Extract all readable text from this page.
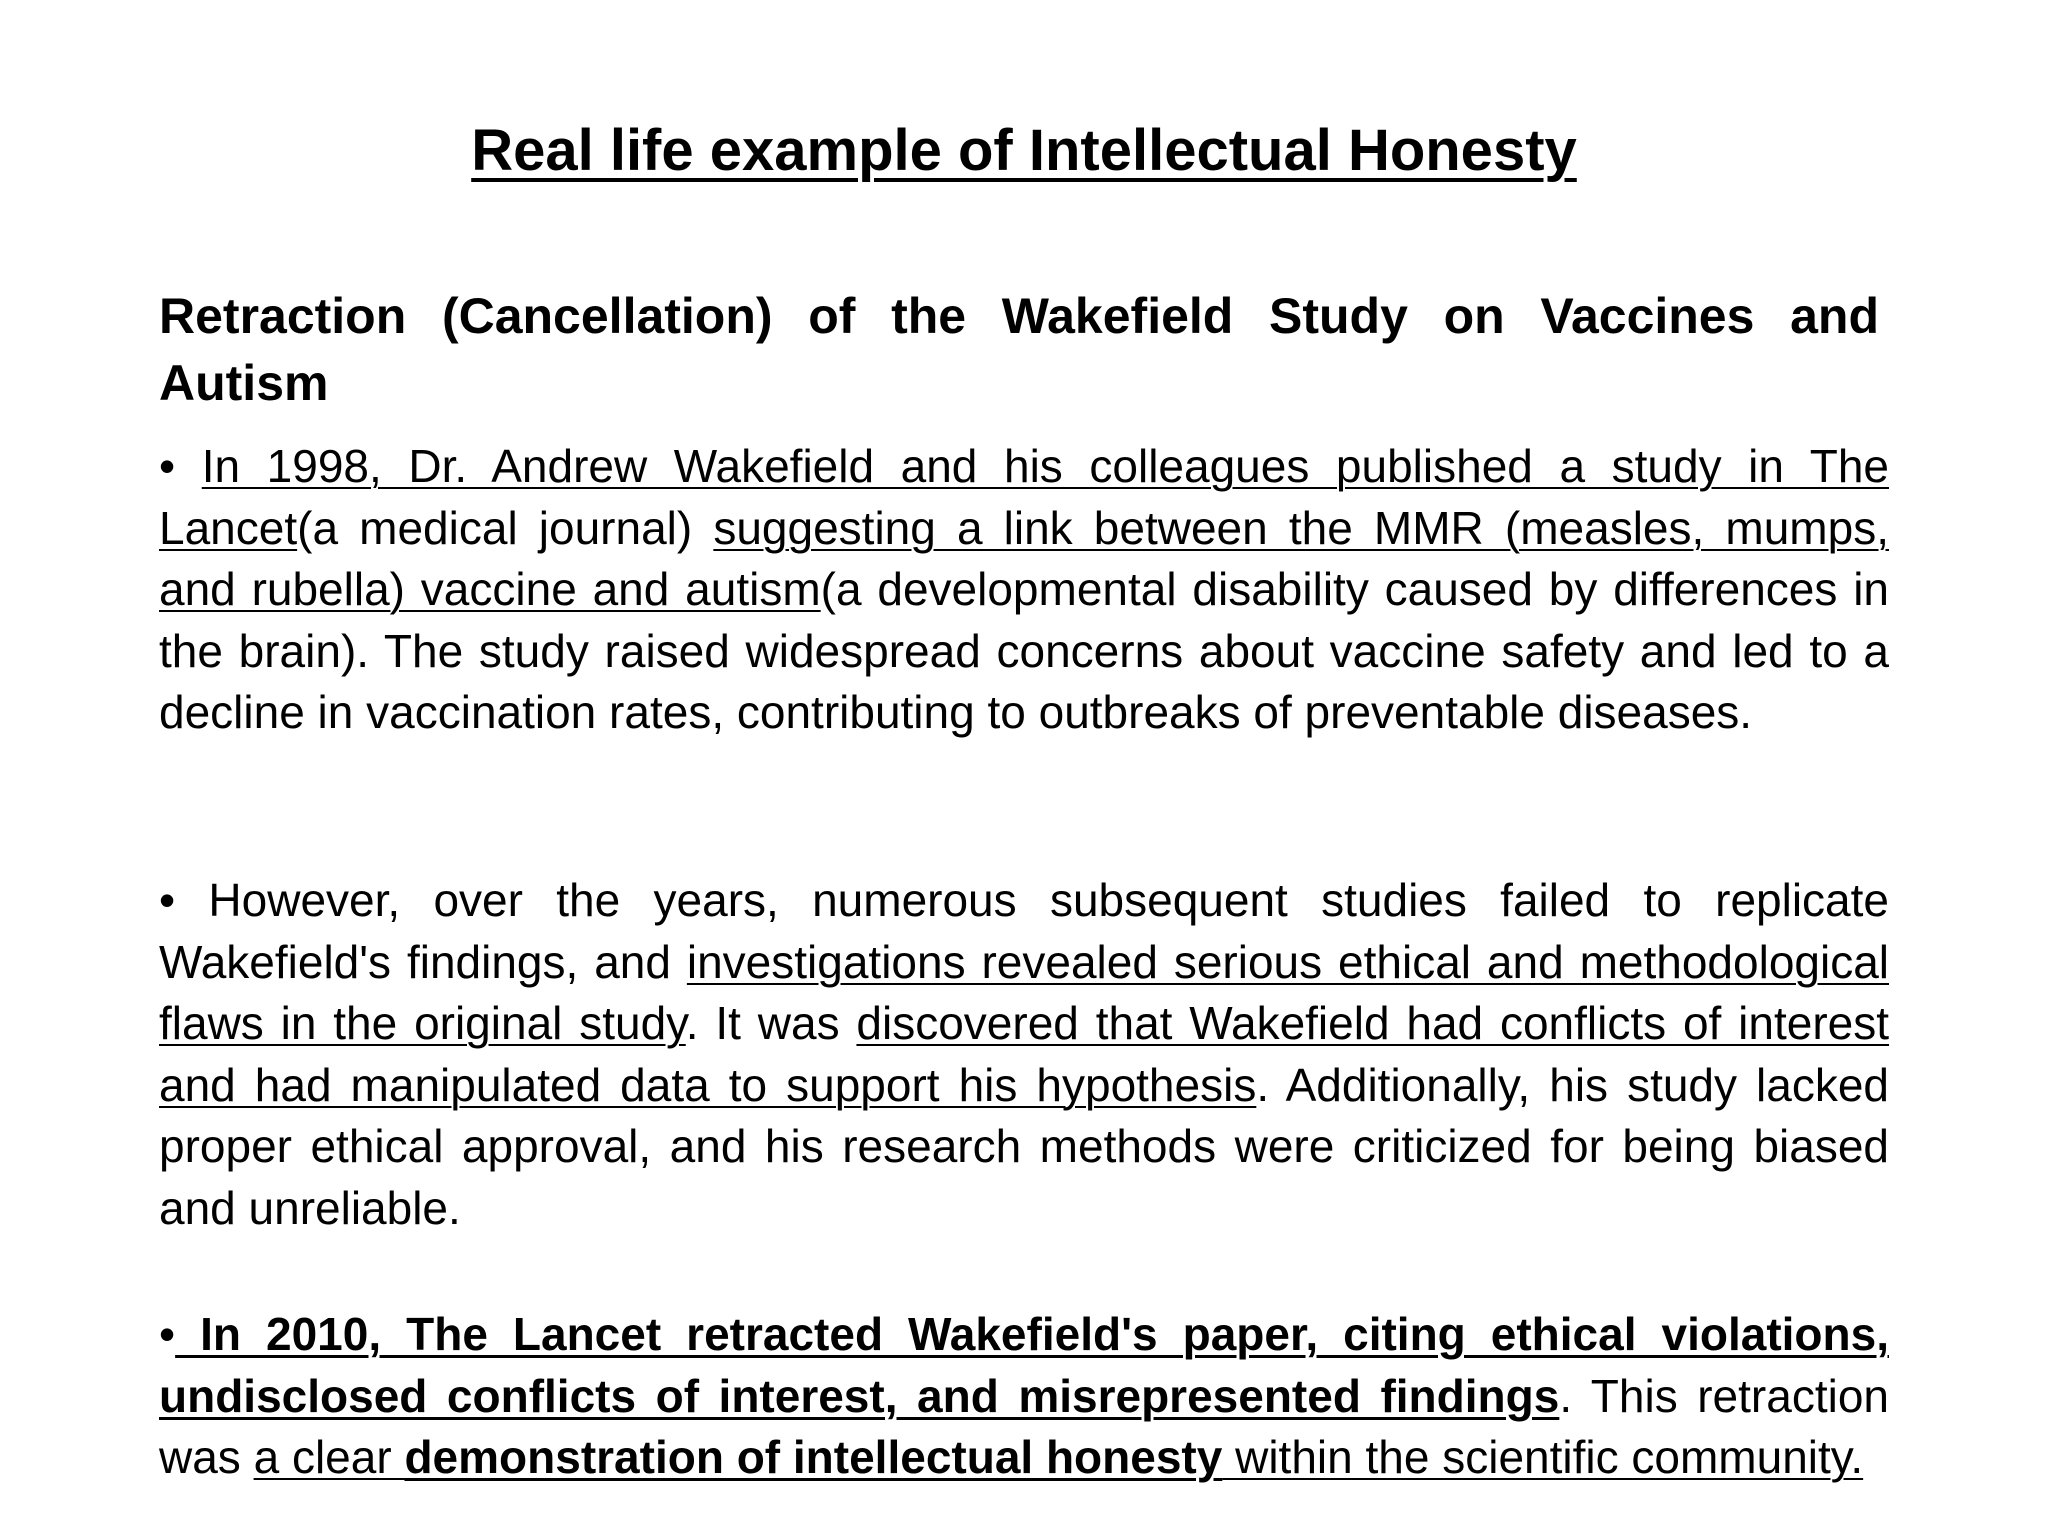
Real life example of Intellectual Honesty
Retraction (Cancellation) of the Wakefield Study on Vaccines and Autism

• In 1998, Dr. Andrew Wakefield and his colleagues published a study in The Lancet(a medical journal) suggesting a link between the MMR (measles, mumps, and rubella) vaccine and autism(a developmental disability caused by differences in the brain). The study raised widespread concerns about vaccine safety and led to a decline in vaccination rates, contributing to outbreaks of preventable diseases.

• However, over the years, numerous subsequent studies failed to replicate Wakefield's findings, and investigations revealed serious ethical and methodological flaws in the original study. It was discovered that Wakefield had conflicts of interest and had manipulated data to support his hypothesis. Additionally, his study lacked proper ethical approval, and his research methods were criticized for being biased and unreliable.

• In 2010, The Lancet retracted Wakefield's paper, citing ethical violations, undisclosed conflicts of interest, and misrepresented findings. This retraction was a clear demonstration of intellectual honesty within the scientific community.
